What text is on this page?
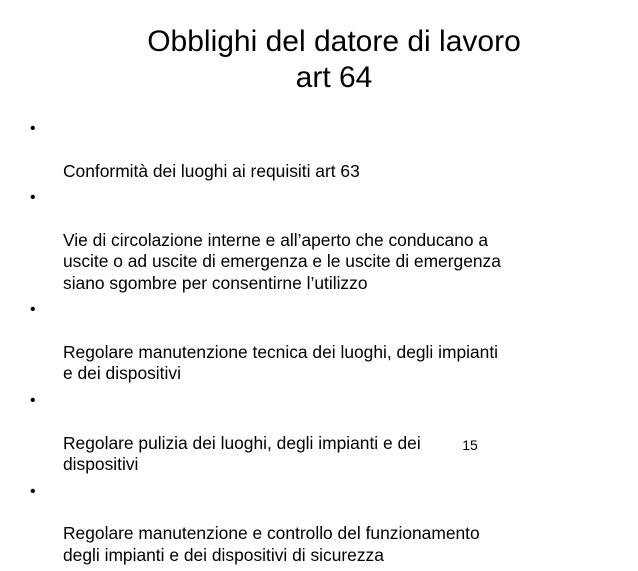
Obblighi del datore di lavoro
art 64

•

Conformità dei luoghi ai requisiti art 63

•

Vie di circolazione interne e all’aperto che conducano a
uscite o ad uscite di emergenza e le uscite di emergenza
siano sgombre per consentirne l’utilizzo

•

Regolare manutenzione tecnica dei luoghi, degli impianti
e dei dispositivi

•

Regolare pulizia dei luoghi, degli impianti e dei
dispositivi

•

Regolare manutenzione e controllo del funzionamento
degli impianti e dei dispositivi di sicurezza

15
